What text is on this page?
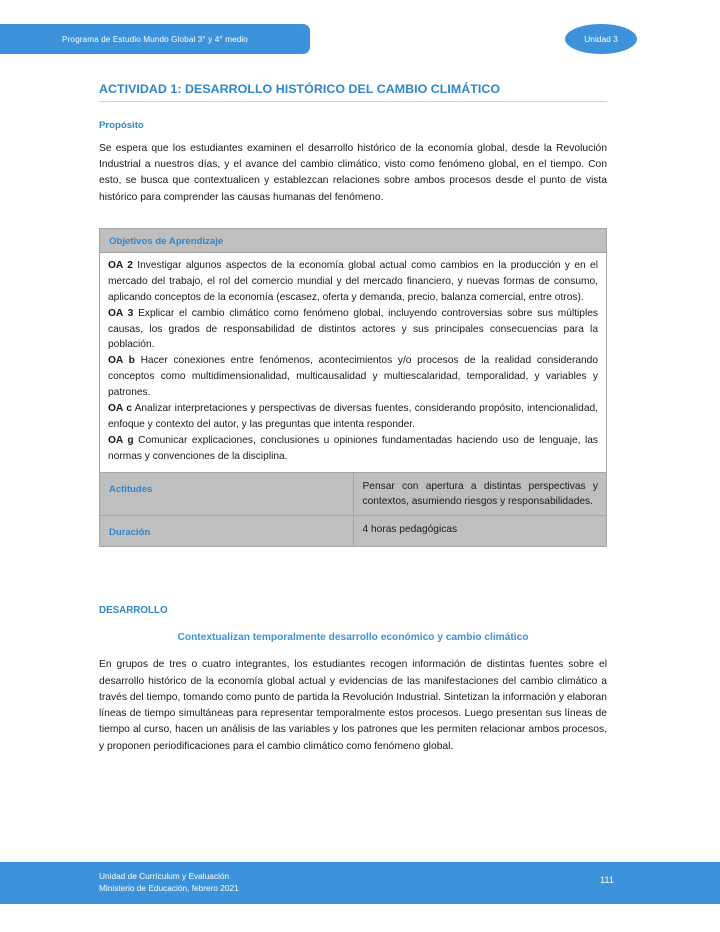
Programa de Estudio Mundo Global 3° y 4° medio	Unidad 3
ACTIVIDAD 1: DESARROLLO HISTÓRICO DEL CAMBIO CLIMÁTICO
Propósito

Se espera que los estudiantes examinen el desarrollo histórico de la economía global, desde la Revolución Industrial a nuestros días, y el avance del cambio climático, visto como fenómeno global, en el tiempo. Con esto, se busca que contextualicen y establezcan relaciones sobre ambos procesos desde el punto de vista histórico para comprender las causas humanas del fenómeno.

Objetivos de Aprendizaje	

OA 2 Investigar algunos aspectos de la economía global actual como cambios en la producción y en el mercado del trabajo, el rol del comercio mundial y del mercado financiero, y nuevas formas de consumo, aplicando conceptos de la economía (escasez, oferta y demanda, precio, balanza comercial, entre otros).

OA 3 Explicar el cambio climático como fenómeno global, incluyendo controversias sobre sus múltiples causas, los grados de responsabilidad de distintos actores y sus principales consecuencias para la población.

OA b Hacer conexiones entre fenómenos, acontecimientos y/o procesos de la realidad considerando conceptos como multidimensionalidad, multicausalidad y multiescalaridad, temporalidad, y variables y patrones.

OA c Analizar interpretaciones y perspectivas de diversas fuentes, considerando propósito, intencionalidad, enfoque y contexto del autor, y las preguntas que intenta responder.

OA g Comunicar explicaciones, conclusiones u opiniones fundamentadas haciendo uso de lenguaje, las normas y convenciones de la disciplina.	

Actitudes	Pensar con apertura a distintas perspectivas y contextos, asumiendo riesgos y responsabilidades.

Duración	4 horas pedagógicas

DESARROLLO
Contextualizan temporalmente desarrollo económico y cambio climático

En grupos de tres o cuatro integrantes, los estudiantes recogen información de distintas fuentes sobre el desarrollo histórico de la economía global actual y evidencias de las manifestaciones del cambio climático a través del tiempo, tomando como punto de partida la Revolución Industrial. Sintetizan la información y elaboran líneas de tiempo simultáneas para representar temporalmente estos procesos. Luego presentan sus líneas de tiempo al curso, hacen un análisis de las variables y los patrones que les permiten relacionar ambos procesos, y proponen periodificaciones para el cambio climático como fenómeno global.

Unidad de Currículum y Evaluación
Ministerio de Educación, febrero 2021
111
